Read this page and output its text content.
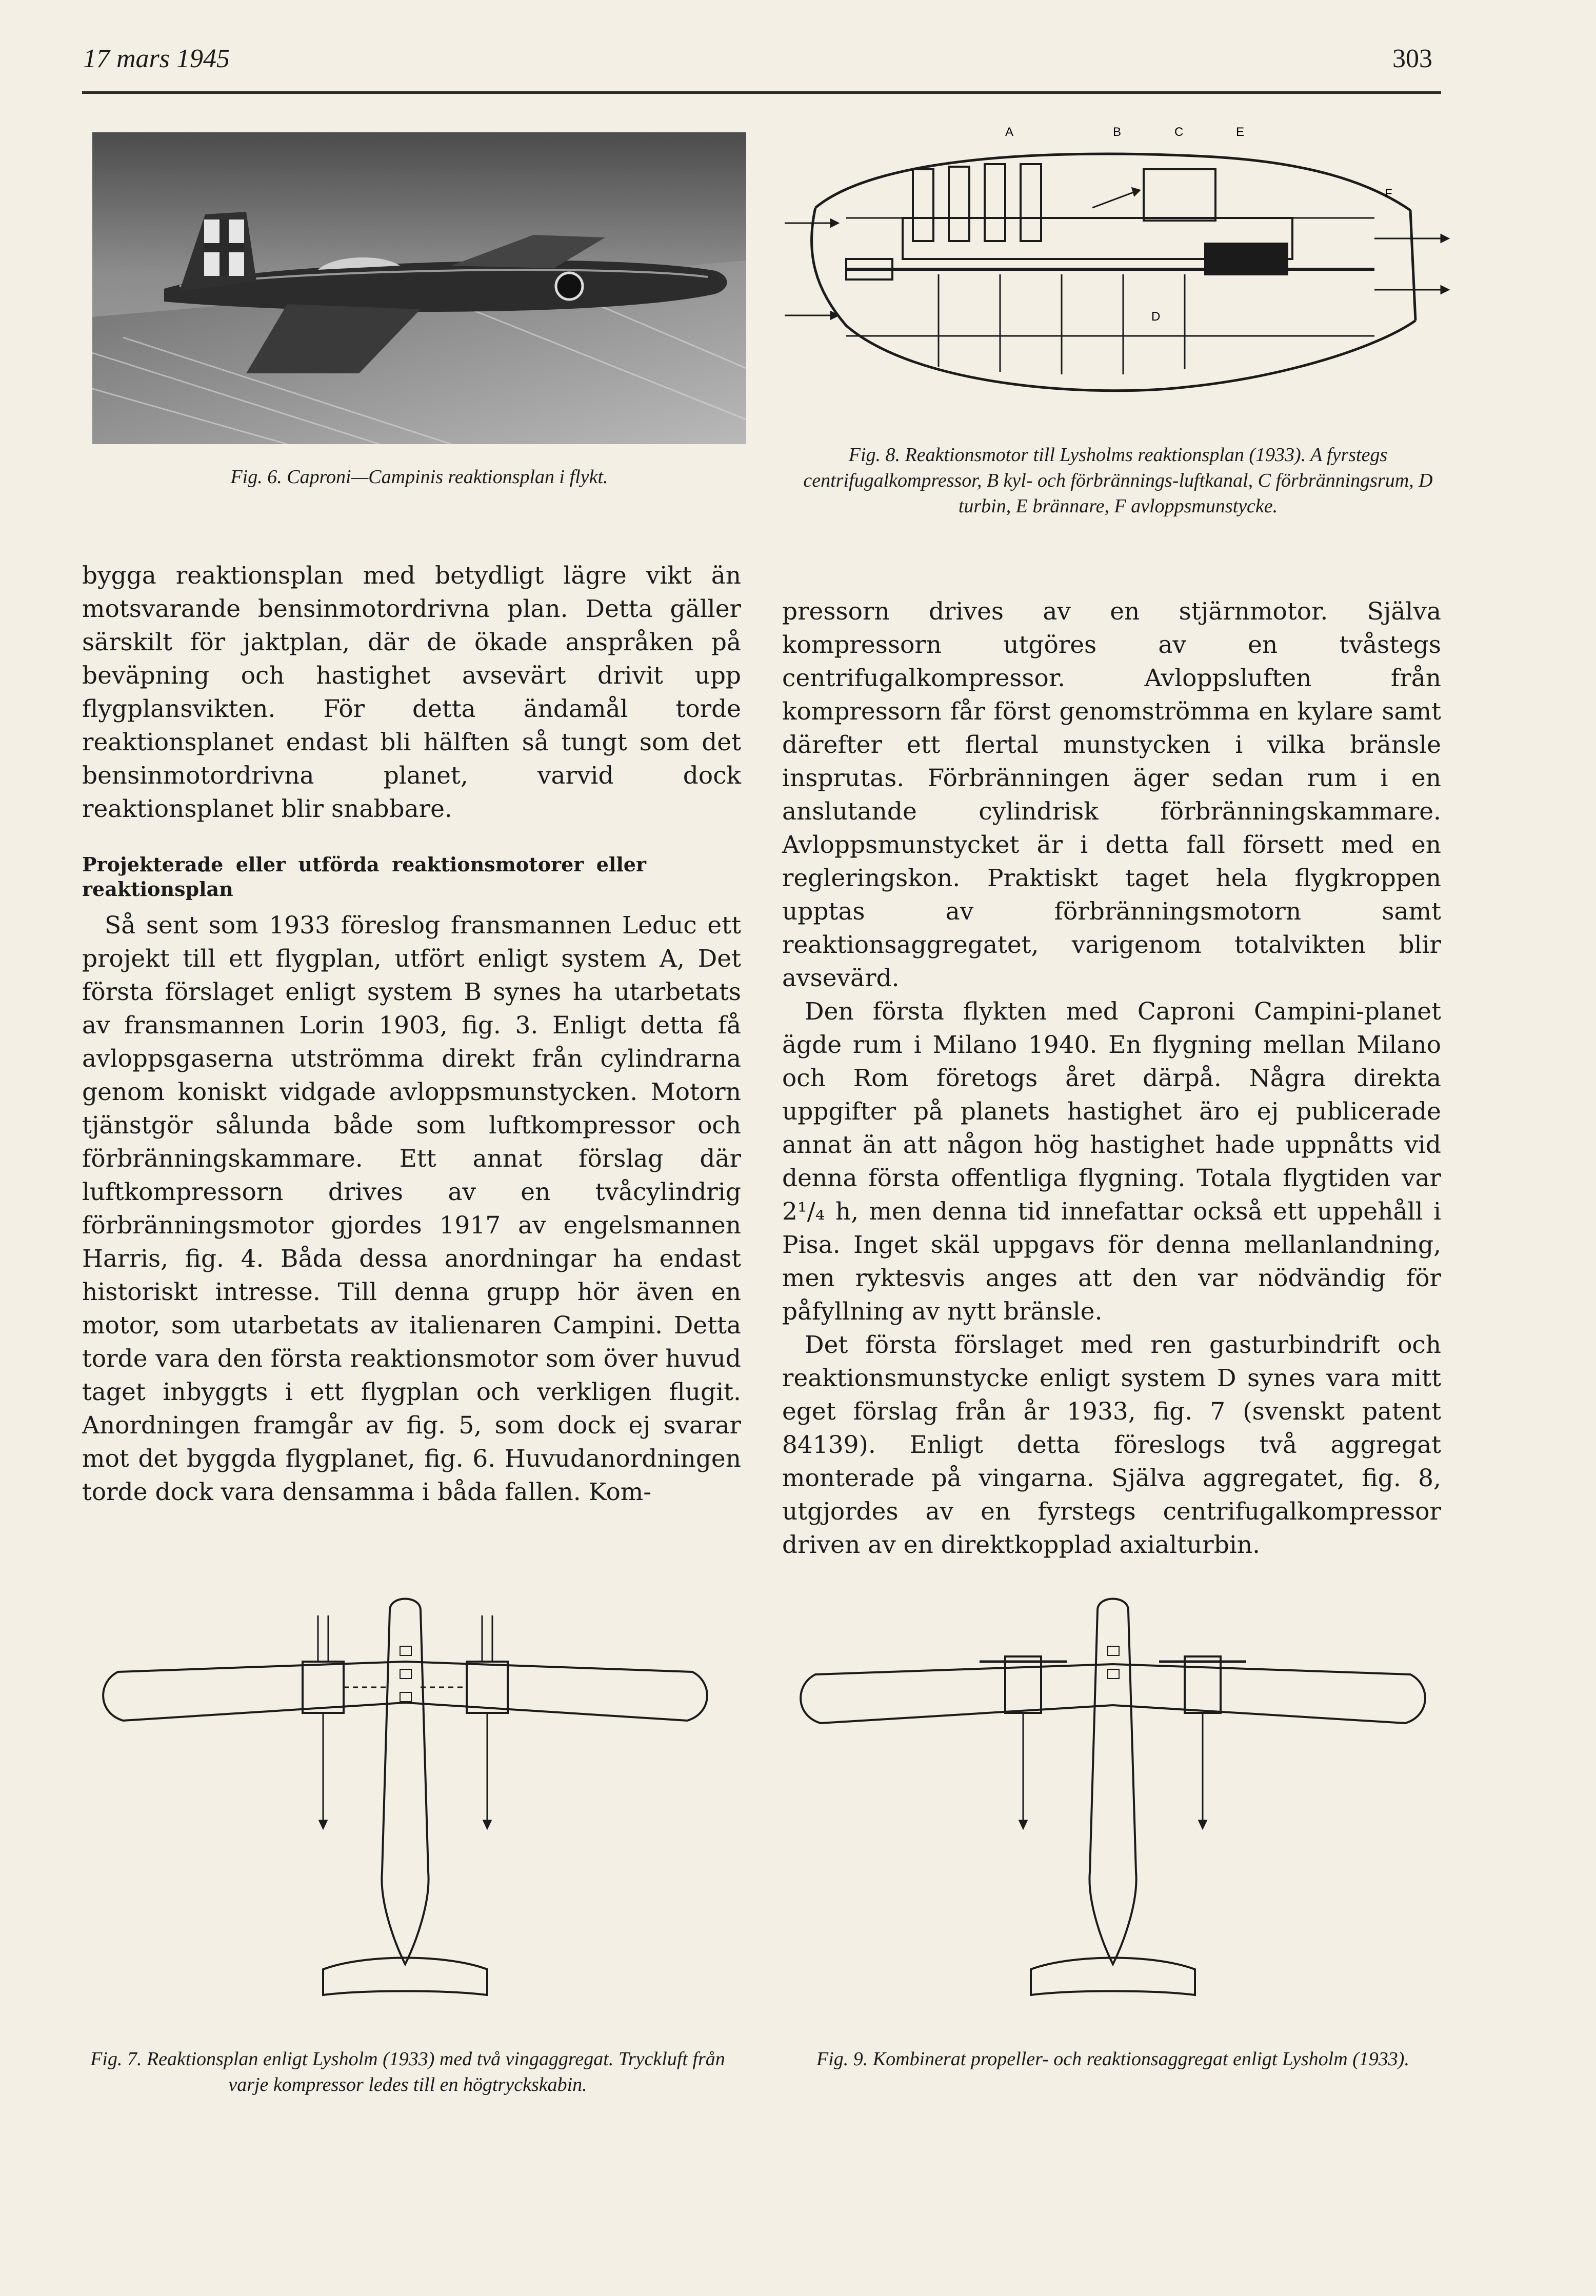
17 mars 1945	303
Fig. 6. Caproni—Campinis reaktionsplan i flykt.
A	B	C	E
F
D
Fig. 8. Reaktionsmotor till Lysholms reaktionsplan (1933). A fyrstegs centrifugalkompressor, B kyl- och förbrännings-luftkanal, C förbränningsrum, D turbin, E brännare, F avloppsmunstycke.

bygga reaktionsplan med betydligt lägre vikt än motsvarande bensinmotordrivna plan. Detta gäller särskilt för jaktplan, där de ökade anspråken på beväpning och hastighet avsevärt drivit upp flygplansvikten. För detta ändamål torde reaktionsplanet endast bli hälften så tungt som det bensinmotordrivna planet, varvid dock reaktionsplanet blir snabbare.

Projekterade eller utförda reaktionsmotorer eller reaktionsplan

Så sent som 1933 föreslog fransmannen Leduc ett projekt till ett flygplan, utfört enligt system A, Det första förslaget enligt system B synes ha utarbetats av fransmannen Lorin 1903, fig. 3. Enligt detta få avloppsgaserna utströmma direkt från cylindrarna genom koniskt vidgade avloppsmunstycken. Motorn tjänstgör sålunda både som luftkompressor och förbränningskammare. Ett annat förslag där luftkompressorn drives av en tvåcylindrig förbränningsmotor gjordes 1917 av engelsmannen Harris, fig. 4. Båda dessa anordningar ha endast historiskt intresse. Till denna grupp hör även en motor, som utarbetats av italienaren Campini. Detta torde vara den första reaktionsmotor som över huvud taget inbyggts i ett flygplan och verkligen flugit. Anordningen framgår av fig. 5, som dock ej svarar mot det byggda flygplanet, fig. 6. Huvudanordningen torde dock vara densamma i båda fallen. Kom-

pressorn drives av en stjärnmotor. Själva kompressorn utgöres av en tvåstegs centrifugalkompressor. Avloppsluften från kompressorn får först genomströmma en kylare samt därefter ett flertal munstycken i vilka bränsle insprutas. Förbränningen äger sedan rum i en anslutande cylindrisk förbränningskammare. Avloppsmunstycket är i detta fall försett med en regleringskon. Praktiskt taget hela flygkroppen upptas av förbränningsmotorn samt reaktionsaggregatet, varigenom totalvikten blir avsevärd.

Den första flykten med Caproni Campini-planet ägde rum i Milano 1940. En flygning mellan Milano och Rom företogs året därpå. Några direkta uppgifter på planets hastighet äro ej publicerade annat än att någon hög hastighet hade uppnåtts vid denna första offentliga flygning. Totala flygtiden var 2¹/₄ h, men denna tid innefattar också ett uppehåll i Pisa. Inget skäl uppgavs för denna mellanlandning, men ryktesvis anges att den var nödvändig för påfyllning av nytt bränsle.

Det första förslaget med ren gasturbindrift och reaktionsmunstycke enligt system D synes vara mitt eget förslag från år 1933, fig. 7 (svenskt patent 84139). Enligt detta föreslogs två aggregat monterade på vingarna. Själva aggregatet, fig. 8, utgjordes av en fyrstegs centrifugalkompressor driven av en direktkopplad axialturbin.

Fig. 7. Reaktionsplan enligt Lysholm (1933) med två vingaggregat. Tryckluft från varje kompressor ledes till en högtryckskabin.
Fig. 9. Kombinerat propeller- och reaktionsaggregat enligt Lysholm (1933).
